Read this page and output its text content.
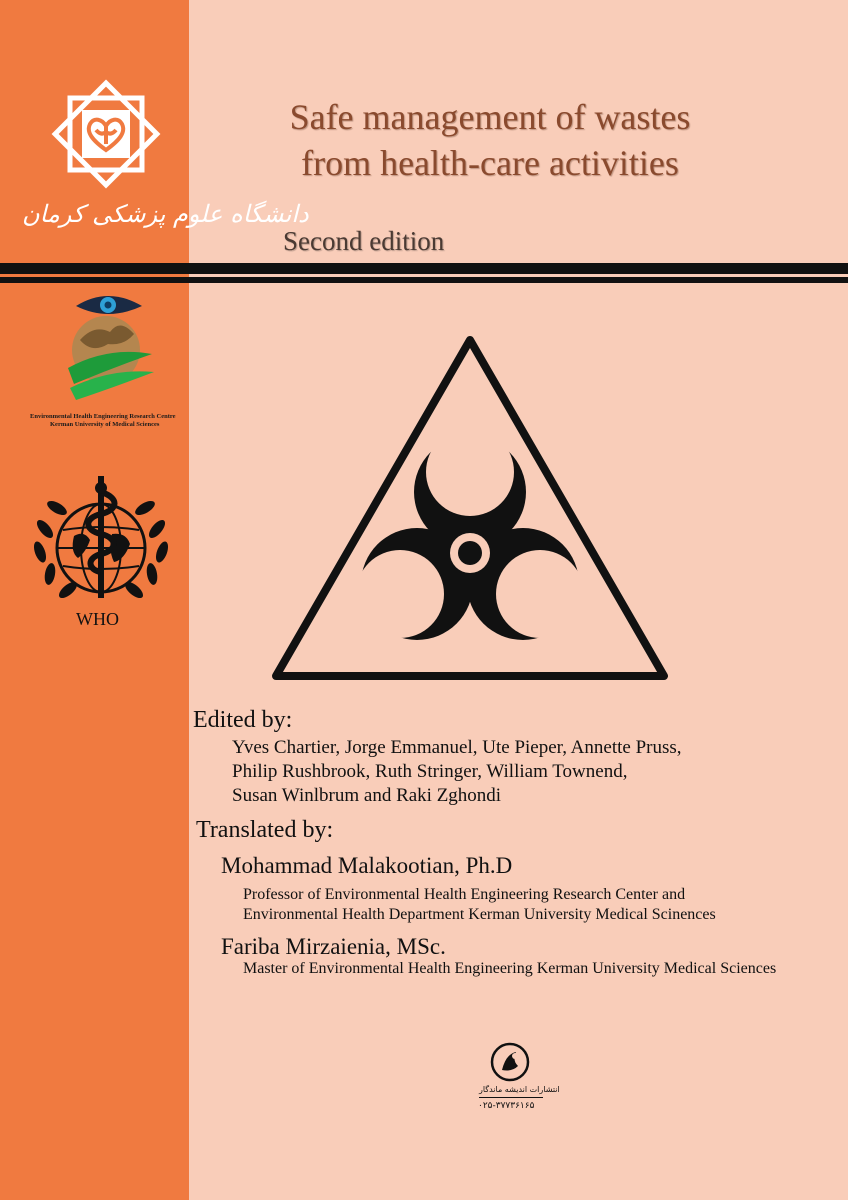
دانشگاه علوم پزشکی کرمان
Environmental Health Engineering Research Centre
Kerman University of Medical Sciences
WHO
Safe management of wastes
from health-care activities
Second edition
Edited by:
Yves Chartier, Jorge Emmanuel, Ute Pieper, Annette Pruss,
Philip Rushbrook, Ruth Stringer, William Townend,
Susan Winlbrum and Raki Zghondi
Translated by:
Mohammad Malakootian, Ph.D
Professor of Environmental Health Engineering Research Center and
Environmental Health Department Kerman University Medical Scinences
Fariba Mirzaienia, MSc.
Master of Environmental Health Engineering Kerman University Medical Sciences
انتشارات اندیشه ماندگار
۰۲۵-۳۷۷۳۶۱۶۵
